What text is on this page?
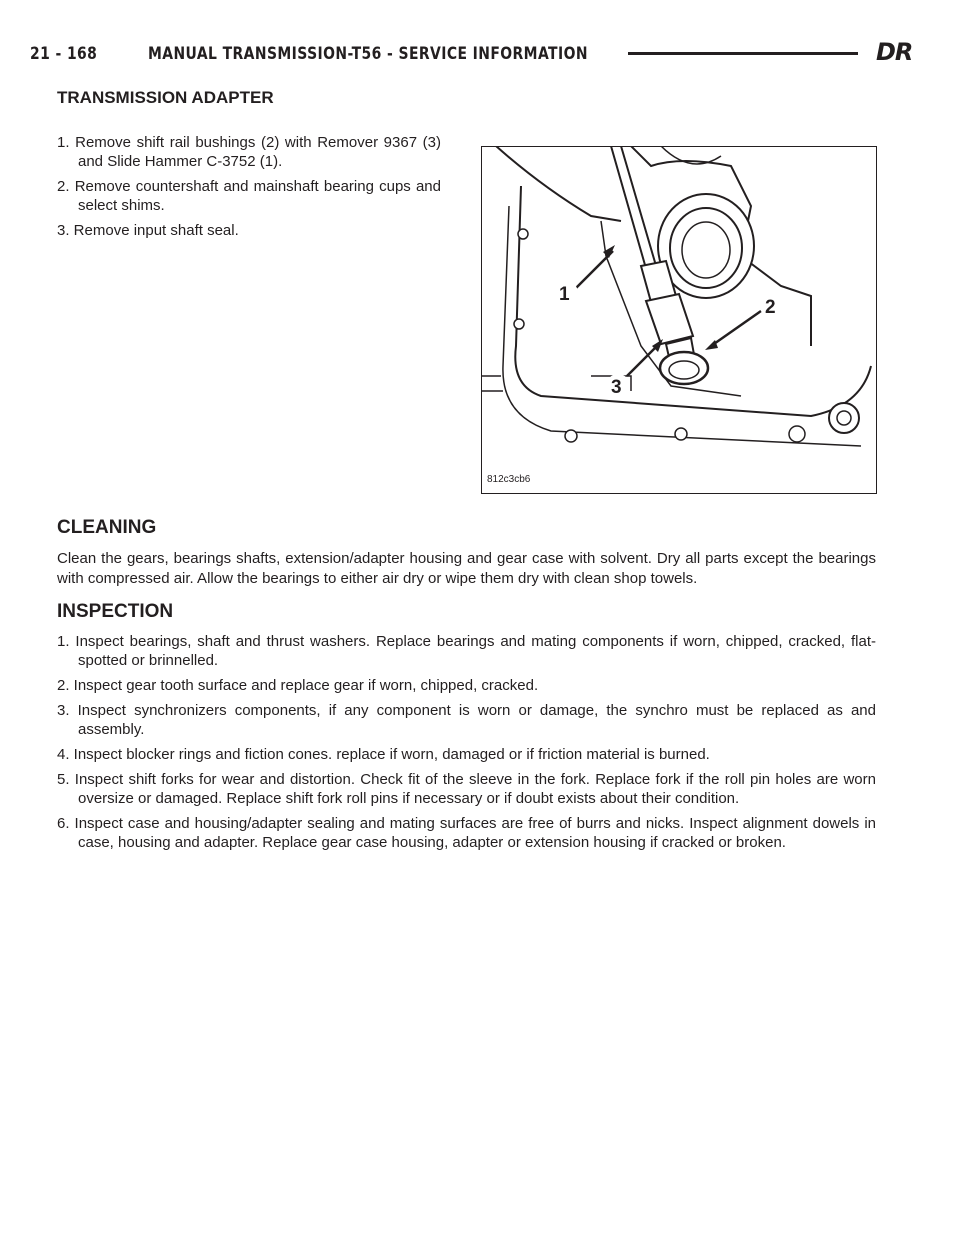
21 - 168	MANUAL TRANSMISSION-T56 - SERVICE INFORMATION	DR
TRANSMISSION ADAPTER
1. Remove shift rail bushings (2) with Remover 9367 (3) and Slide Hammer C-3752 (1).
2. Remove countershaft and mainshaft bearing cups and select shims.
3. Remove input shaft seal.
1
2
3
812c3cb6
CLEANING

Clean the gears, bearings shafts, extension/adapter housing and gear case with solvent. Dry all parts except the bearings with compressed air. Allow the bearings to either air dry or wipe them dry with clean shop towels.

INSPECTION
1. Inspect bearings, shaft and thrust washers. Replace bearings and mating components if worn, chipped, cracked, flat-spotted or brinnelled.
2. Inspect gear tooth surface and replace gear if worn, chipped, cracked.
3. Inspect synchronizers components, if any component is worn or damage, the synchro must be replaced as and assembly.
4. Inspect blocker rings and fiction cones. replace if worn, damaged or if friction material is burned.
5. Inspect shift forks for wear and distortion. Check fit of the sleeve in the fork. Replace fork if the roll pin holes are worn oversize or damaged. Replace shift fork roll pins if necessary or if doubt exists about their condition.
6. Inspect case and housing/adapter sealing and mating surfaces are free of burrs and nicks. Inspect alignment dowels in case, housing and adapter. Replace gear case housing, adapter or extension housing if cracked or broken.
